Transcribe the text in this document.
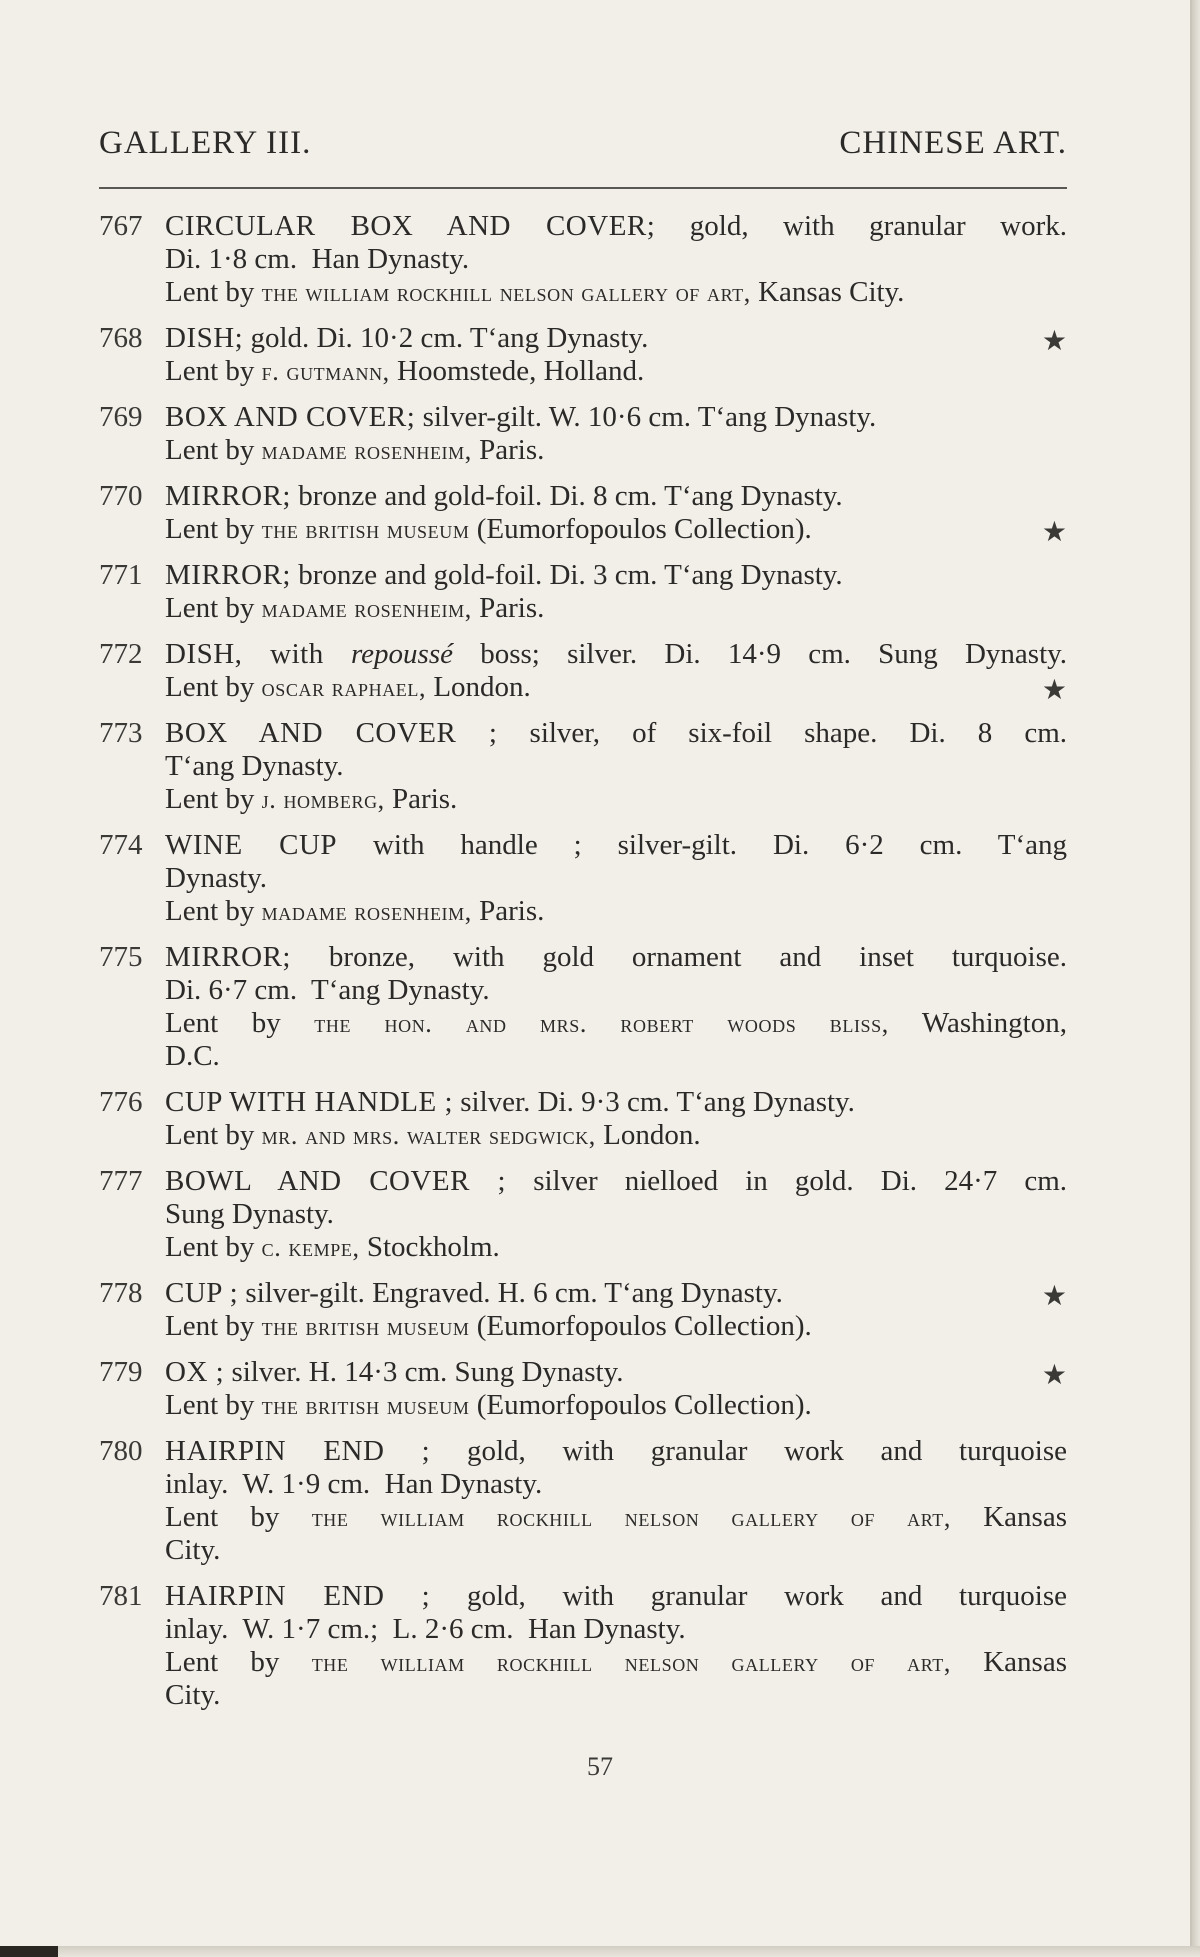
GALLERY III.	CHINESE ART.
767 CIRCULAR BOX AND COVER; gold, with granular work.
Di. 1·8 cm.  Han Dynasty.
Lent by the william rockhill nelson gallery of art, Kansas City.
768 DISH; gold. Di. 10·2 cm. T‘ang Dynasty.	★
Lent by f. gutmann, Hoomstede, Holland.
769 BOX AND COVER; silver-gilt. W. 10·6 cm. T‘ang Dynasty.
Lent by madame rosenheim, Paris.
770 MIRROR; bronze and gold-foil. Di. 8 cm. T‘ang Dynasty.
Lent by the british museum (Eumorfopoulos Collection).	★
771 MIRROR; bronze and gold-foil. Di. 3 cm. T‘ang Dynasty.
Lent by madame rosenheim, Paris.
772 DISH, with repoussé boss; silver. Di. 14·9 cm. Sung Dynasty.
Lent by oscar raphael, London.	★
773 BOX AND COVER ; silver, of six-foil shape. Di. 8 cm.
T‘ang Dynasty.
Lent by j. homberg, Paris.
774 WINE CUP with handle ; silver-gilt. Di. 6·2 cm. T‘ang
Dynasty.
Lent by madame rosenheim, Paris.
775 MIRROR; bronze, with gold ornament and inset turquoise.
Di. 6·7 cm.  T‘ang Dynasty.
Lent by the hon. and mrs. robert woods bliss, Washington,
D.C.
776 CUP WITH HANDLE ; silver. Di. 9·3 cm. T‘ang Dynasty.
Lent by mr. and mrs. walter sedgwick, London.
777 BOWL AND COVER ; silver nielloed in gold. Di. 24·7 cm.
Sung Dynasty.
Lent by c. kempe, Stockholm.
778 CUP ; silver-gilt. Engraved. H. 6 cm. T‘ang Dynasty.	★
Lent by the british museum (Eumorfopoulos Collection).
779 OX ; silver. H. 14·3 cm. Sung Dynasty.	★
Lent by the british museum (Eumorfopoulos Collection).
780 HAIRPIN END ; gold, with granular work and turquoise
inlay.  W. 1·9 cm.  Han Dynasty.
Lent by the william rockhill nelson gallery of art, Kansas
City.
781 HAIRPIN END ; gold, with granular work and turquoise
inlay.  W. 1·7 cm.;  L. 2·6 cm.  Han Dynasty.
Lent by the william rockhill nelson gallery of art, Kansas
City.
57
